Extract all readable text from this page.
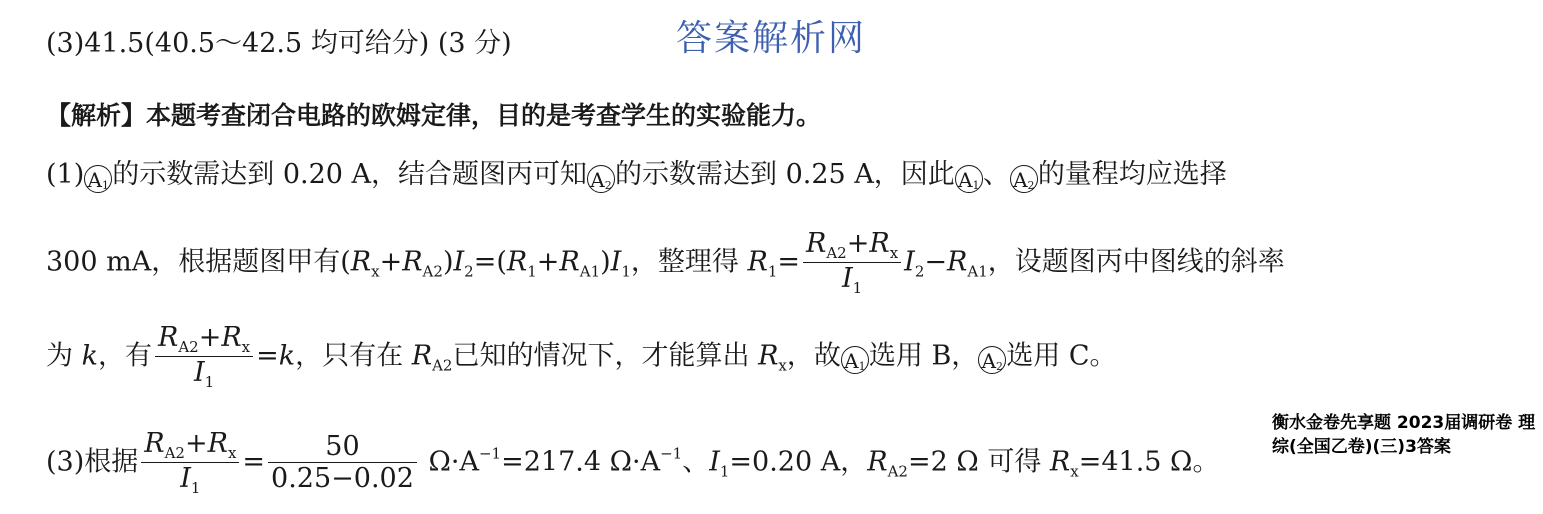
(3)41.5(40.5～42.5 均可给分) (3 分)	答案解析网
【解析】本题考查闭合电路的欧姆定律，目的是考查学生的实验能力。
(1) $A_1$ 的示数需达到 0.20 A，结合题图丙可知 $A_2$ 的示数需达到 0.25 A，因此 $A_1$ 、 $A_2$ 的量程均应选择
300 mA，根据题图甲有$(R_x+R_{A2})I_2=(R_1+R_{A1})I_1$，整理得 $R_1= \frac{R_{A2}+R_x}{I_1} I_2-R_{A1}$，设题图丙中图线的斜率
为 k，有 $\frac{R_{A2}+R_x}{I_1} =k$，只有在 $R_{A2}$已知的情况下，才能算出 $R_x$，故 $A_1$ 选用 B， $A_2$ 选用 C。
(3)根据 $\frac{R_{A2}+R_x}{I_1} = \frac{50}{0.25-0.02} \Omega\cdot A^{-1}=217.4$ $\Omega\cdot A^{-1}$、$I_1=0.20$ A，$R_{A2}=2$ Ω 可得 $R_x=41.5$ Ω。
衡水金卷先享题 2023届调研卷 理综(全国乙卷)(三)3答案
